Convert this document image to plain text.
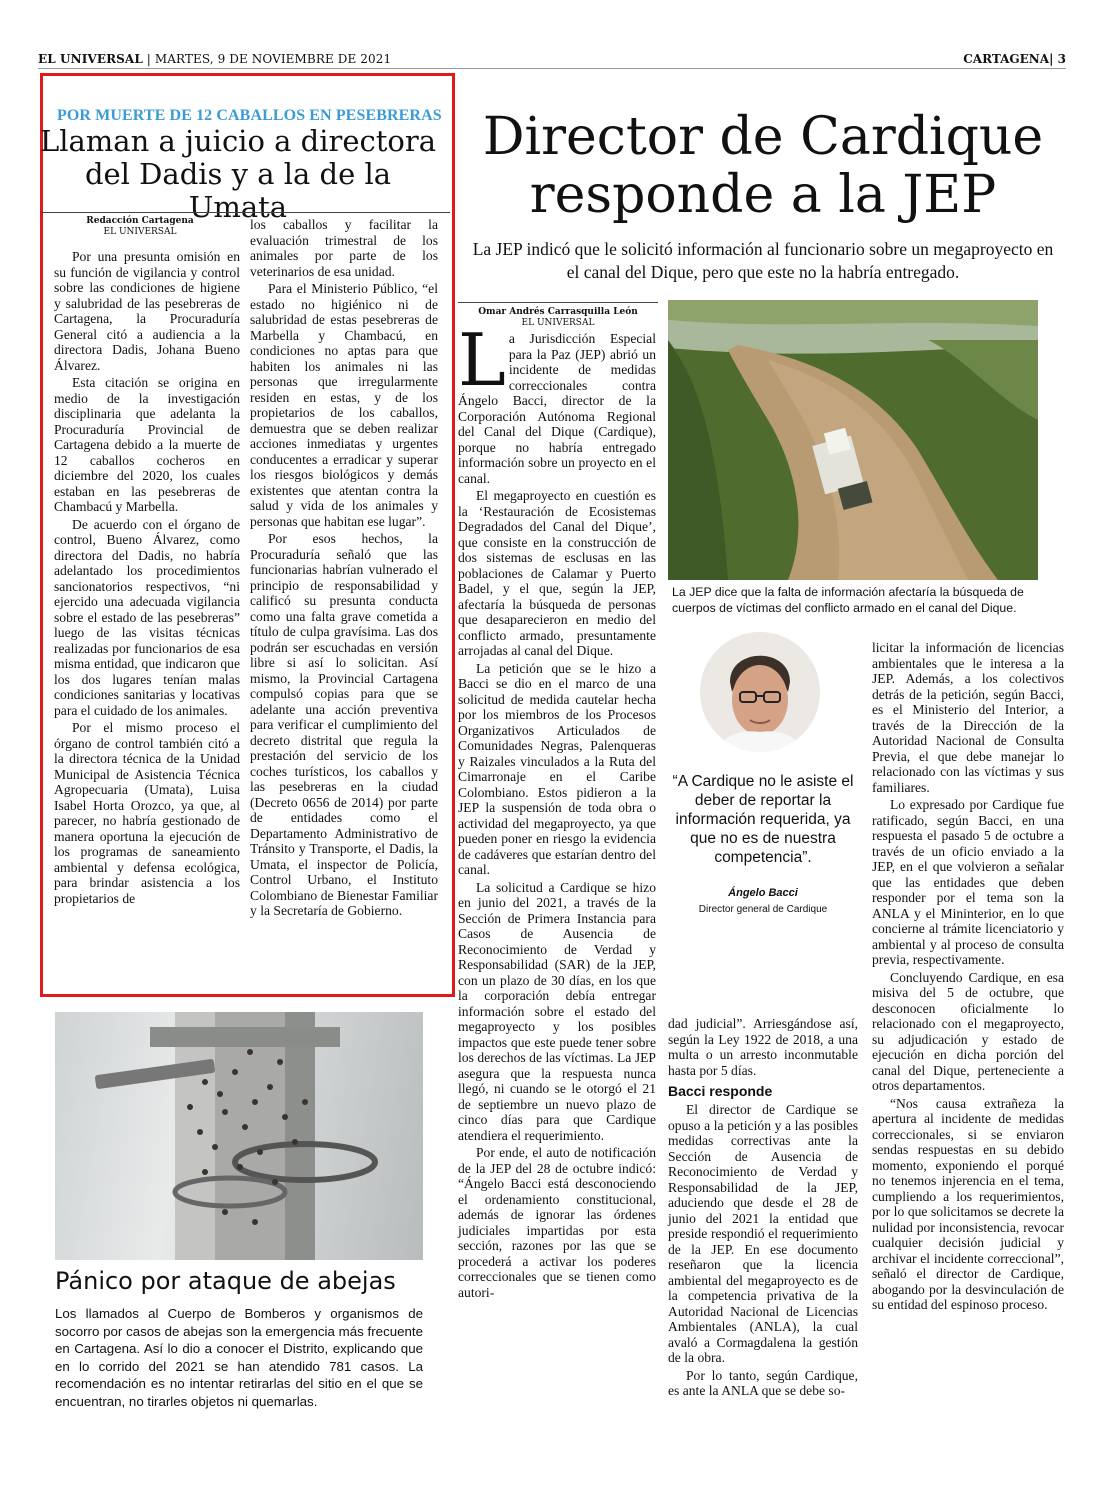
EL UNIVERSAL | MARTES, 9 DE NOVIEMBRE DE 2021	CARTAGENA| 3
POR MUERTE DE 12 CABALLOS EN PESEBRERAS
Llaman a juicio a directora del Dadis y a la de la Umata
Redacción Cartagena
EL UNIVERSAL

Por una presunta omisión en su función de vigilancia y control sobre las condiciones de higiene y salubridad de las pesebreras de Cartagena, la Procuraduría General citó a audiencia a la directora Dadis, Johana Bueno Álvarez.

Esta citación se origina en medio de la investigación disciplinaria que adelanta la Procuraduría Provincial de Cartagena debido a la muerte de 12 caballos cocheros en diciembre del 2020, los cuales estaban en las pesebreras de Chambacú y Marbella.

De acuerdo con el órgano de control, Bueno Álvarez, como directora del Dadis, no habría adelantado los procedimientos sancionatorios respectivos, “ni ejercido una adecuada vigilancia sobre el estado de las pesebreras” luego de las visitas técnicas realizadas por funcionarios de esa misma entidad, que indicaron que los dos lugares tenían malas condiciones sanitarias y locativas para el cuidado de los animales.

Por el mismo proceso el órgano de control también citó a la directora técnica de la Unidad Municipal de Asistencia Técnica Agropecuaria (Umata), Luisa Isabel Horta Orozco, ya que, al parecer, no habría gestionado de manera oportuna la ejecución de los programas de saneamiento ambiental y defensa ecológica, para brindar asistencia a los propietarios de

los caballos y facilitar la evaluación trimestral de los animales por parte de los veterinarios de esa unidad.

Para el Ministerio Público, “el estado no higiénico ni de salubridad de estas pesebreras de Marbella y Chambacú, en condiciones no aptas para que habiten los animales ni las personas que irregularmente residen en estas, y de los propietarios de los caballos, demuestra que se deben realizar acciones inmediatas y urgentes conducentes a erradicar y superar los riesgos biológicos y demás existentes que atentan contra la salud y vida de los animales y personas que habitan ese lugar”.

Por esos hechos, la Procuraduría señaló que las funcionarias habrían vulnerado el principio de responsabilidad y calificó su presunta conducta como una falta grave cometida a título de culpa gravísima. Las dos podrán ser escuchadas en versión libre si así lo solicitan. Así mismo, la Provincial Cartagena compulsó copias para que se adelante una acción preventiva para verificar el cumplimiento del decreto distrital que regula la prestación del servicio de los coches turísticos, los caballos y las pesebreras en la ciudad (Decreto 0656 de 2014) por parte de entidades como el Departamento Administrativo de Tránsito y Transporte, el Dadis, la Umata, el inspector de Policía, Control Urbano, el Instituto Colombiano de Bienestar Familiar y la Secretaría de Gobierno.

Pánico por ataque de abejas
Los llamados al Cuerpo de Bomberos y organismos de socorro por casos de abejas son la emergencia más frecuente en Cartagena. Así lo dio a conocer el Distrito, explicando que en lo corrido del 2021 se han atendido 781 casos. La recomendación es no intentar retirarlas del sitio en el que se encuentran, no tirarles objetos ni quemarlas.
Director de Cardique responde a la JEP
La JEP indicó que le solicitó información al funcionario sobre un megaproyecto en el canal del Dique, pero que este no la habría entregado.
Omar Andrés Carrasquilla León
EL UNIVERSAL

La Jurisdicción Especial para la Paz (JEP) abrió un incidente de medidas correccionales contra Ángelo Bacci, director de la Corporación Autónoma Regional del Canal del Dique (Cardique), porque no habría entregado información sobre un proyecto en el canal.

El megaproyecto en cuestión es la ‘Restauración de Ecosistemas Degradados del Canal del Dique’, que consiste en la construcción de dos sistemas de esclusas en las poblaciones de Calamar y Puerto Badel, y el que, según la JEP, afectaría la búsqueda de personas que desaparecieron en medio del conflicto armado, presuntamente arrojadas al canal del Dique.

La petición que se le hizo a Bacci se dio en el marco de una solicitud de medida cautelar hecha por los miembros de los Procesos Organizativos Articulados de Comunidades Negras, Palenqueras y Raizales vinculados a la Ruta del Cimarronaje en el Caribe Colombiano. Estos pidieron a la JEP la suspensión de toda obra o actividad del megaproyecto, ya que pueden poner en riesgo la evidencia de cadáveres que estarían dentro del canal.

La solicitud a Cardique se hizo en junio del 2021, a través de la Sección de Primera Instancia para Casos de Ausencia de Reconocimiento de Verdad y Responsabilidad (SAR) de la JEP, con un plazo de 30 días, en los que la corporación debía entregar información sobre el estado del megaproyecto y los posibles impactos que este puede tener sobre los derechos de las víctimas. La JEP asegura que la respuesta nunca llegó, ni cuando se le otorgó el 21 de septiembre un nuevo plazo de cinco días para que Cardique atendiera el requerimiento.

Por ende, el auto de notificación de la JEP del 28 de octubre indicó: “Ángelo Bacci está desconociendo el ordenamiento constitucional, además de ignorar las órdenes judiciales impartidas por esta sección, razones por las que se procederá a activar los poderes correccionales que se tienen como autori-

La JEP dice que la falta de información afectaría la búsqueda de cuerpos de víctimas del conflicto armado en el canal del Dique.
“A Cardique no le asiste el deber de reportar la información requerida, ya que no es de nuestra competencia”.
Ángelo Bacci
Director general de Cardique

dad judicial”. Arriesgándose así, según la Ley 1922 de 2018, a una multa o un arresto inconmutable hasta por 5 días.

Bacci responde

El director de Cardique se opuso a la petición y a las posibles medidas correctivas ante la Sección de Ausencia de Reconocimiento de Verdad y Responsabilidad de la JEP, aduciendo que desde el 28 de junio del 2021 la entidad que preside respondió el requerimiento de la JEP. En ese documento reseñaron que la licencia ambiental del megaproyecto es de la competencia privativa de la Autoridad Nacional de Licencias Ambientales (ANLA), la cual avaló a Cormagdalena la gestión de la obra.

Por lo tanto, según Cardique, es ante la ANLA que se debe so-

licitar la información de licencias ambientales que le interesa a la JEP. Además, a los colectivos detrás de la petición, según Bacci, es el Ministerio del Interior, a través de la Dirección de la Autoridad Nacional de Consulta Previa, el que debe manejar lo relacionado con las víctimas y sus familiares.

Lo expresado por Cardique fue ratificado, según Bacci, en una respuesta el pasado 5 de octubre a través de un oficio enviado a la JEP, en el que volvieron a señalar que las entidades que deben responder por el tema son la ANLA y el Mininterior, en lo que concierne al trámite licenciatorio y ambiental y al proceso de consulta previa, respectivamente.

Concluyendo Cardique, en esa misiva del 5 de octubre, que desconocen oficialmente lo relacionado con el megaproyecto, su adjudicación y estado de ejecución en dicha porción del canal del Dique, perteneciente a otros departamentos.

“Nos causa extrañeza la apertura al incidente de medidas correccionales, si se enviaron sendas respuestas en su debido momento, exponiendo el porqué no tenemos injerencia en el tema, cumpliendo a los requerimientos, por lo que solicitamos se decrete la nulidad por inconsistencia, revocar cualquier decisión judicial y archivar el incidente correccional”, señaló el director de Cardique, abogando por la desvinculación de su entidad del espinoso proceso.
